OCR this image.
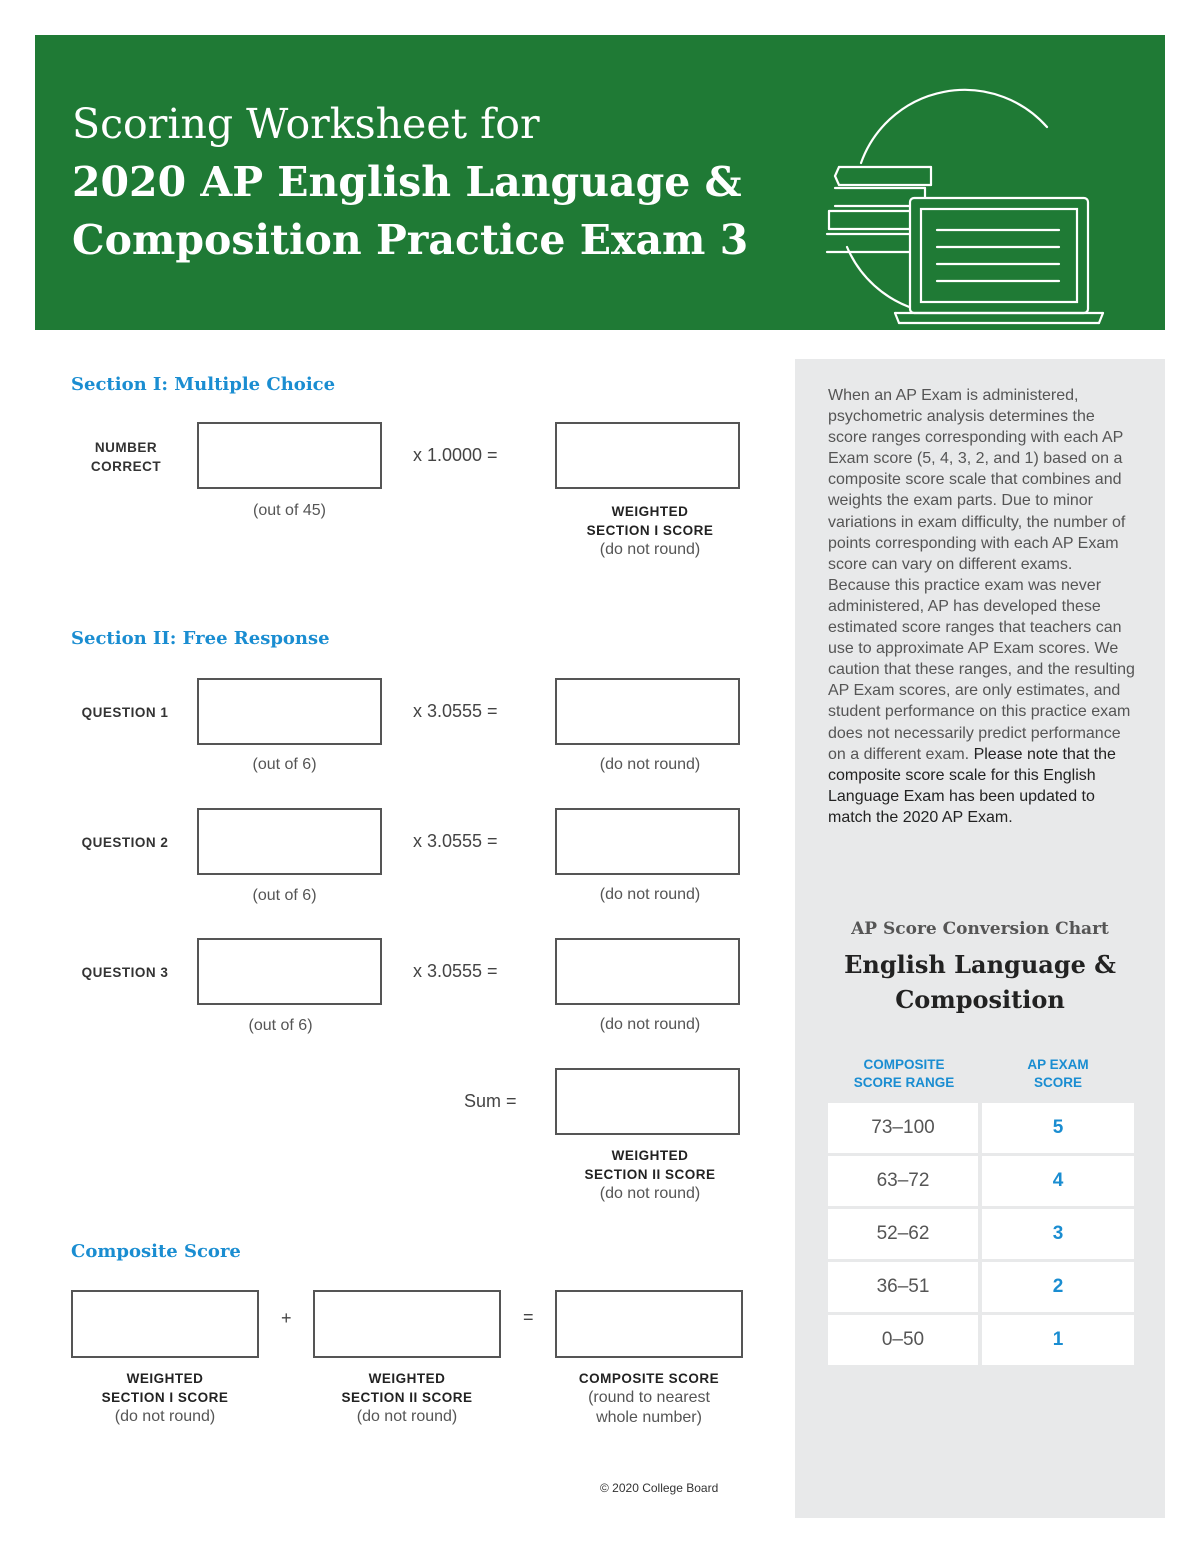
Scoring Worksheet for
2020 AP English Language &
Composition Practice Exam 3
Section I: Multiple Choice
NUMBER
CORRECT
x 1.0000 =
(out of 45)	WEIGHTED
SECTION I SCORE
(do not round)
Section II: Free Response
QUESTION 1	x 3.0555 =
(out of 6)	(do not round)
QUESTION 2	x 3.0555 =
(out of 6)	(do not round)
QUESTION 3	x 3.0555 =
(out of 6)	(do not round)
Sum =
WEIGHTED
SECTION II SCORE
(do not round)
Composite Score
+	=
WEIGHTED
SECTION I SCORE
(do not round)
WEIGHTED
SECTION II SCORE
(do not round)
COMPOSITE SCORE
(round to nearest
whole number)
© 2020 College Board

When an AP Exam is administered, psychometric analysis determines the score ranges corresponding with each AP Exam score (5, 4, 3, 2, and 1) based on a composite score scale that combines and weights the exam parts. Due to minor variations in exam difficulty, the number of points corresponding with each AP Exam score can vary on different exams. Because this practice exam was never administered, AP has developed these estimated score ranges that teachers can use to approximate AP Exam scores. We caution that these ranges, and the resulting AP Exam scores, are only estimates, and student performance on this practice exam does not necessarily predict performance on a different exam. Please note that the composite score scale for this English Language Exam has been updated to match the 2020 AP Exam.

AP Score Conversion Chart
English Language &
Composition
COMPOSITE
SCORE RANGE
AP EXAM
SCORE
73–100	5
63–72	4
52–62	3
36–51	2
0–50	1
